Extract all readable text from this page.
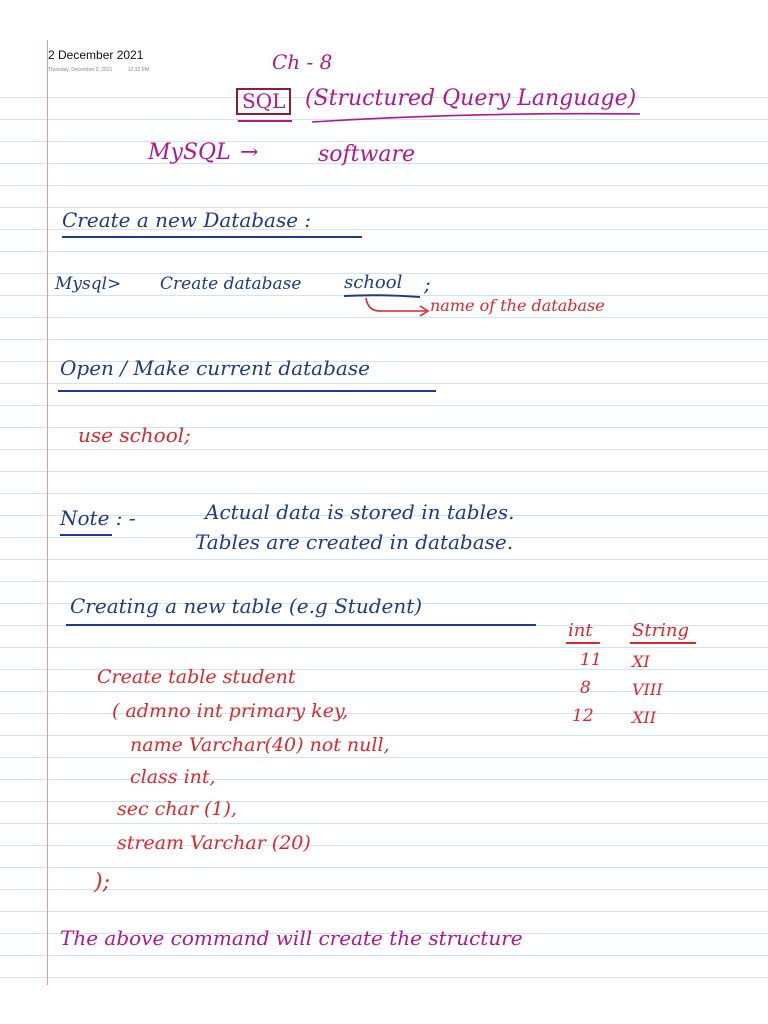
2 December 2021
Thursday, December 2, 2021	12:32 PM	Ch - 8
SQL (Structured Query Language)
MySQL →	software
Create a new Database :
Mysql> Create database school ;
name of the database
Open / Make current database
use school;
Note : -	Actual data is stored in tables.
Tables are created in database.
Creating a new table (e.g Student)
Create table student
( admno int primary key,
name Varchar(40) not null,
class int,
sec char (1),
stream Varchar (20)
);
int String
11 XI
8	VIII
12 XII
The above command will create the structure
